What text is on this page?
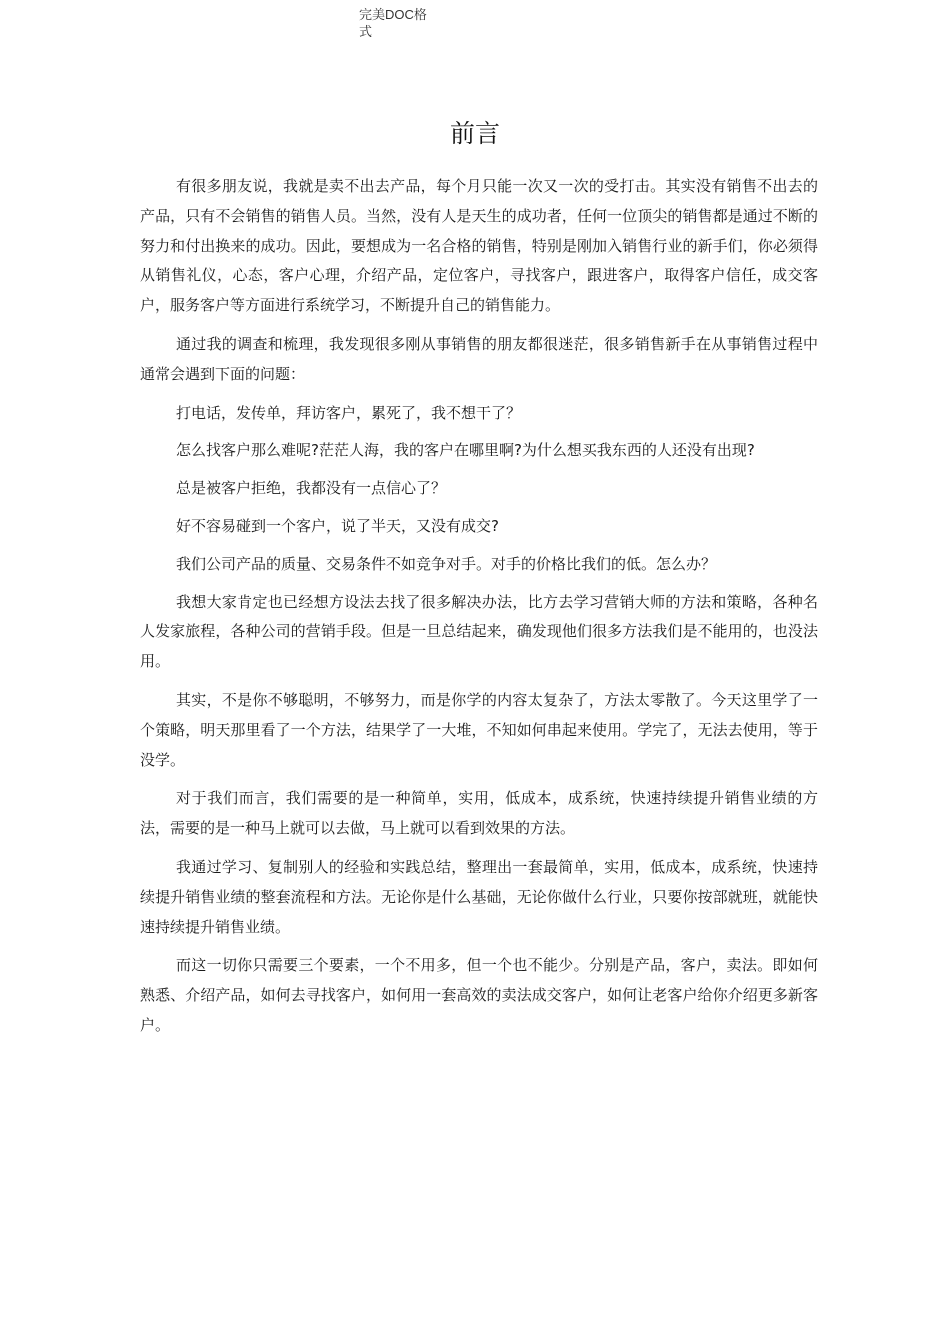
完美DOC格式
前言

有很多朋友说，我就是卖不出去产品，每个月只能一次又一次的受打击。其实没有销售不出去的产品，只有不会销售的销售人员。当然，没有人是天生的成功者，任何一位顶尖的销售都是通过不断的努力和付出换来的成功。因此，要想成为一名合格的销售，特别是刚加入销售行业的新手们，你必须得从销售礼仪，心态，客户心理，介绍产品，定位客户，寻找客户，跟进客户，取得客户信任，成交客户，服务客户等方面进行系统学习，不断提升自己的销售能力。

通过我的调查和梳理，我发现很多刚从事销售的朋友都很迷茫，很多销售新手在从事销售过程中通常会遇到下面的问题：

打电话，发传单，拜访客户，累死了，我不想干了？

怎么找客户那么难呢?茫茫人海，我的客户在哪里啊?为什么想买我东西的人还没有出现?

总是被客户拒绝，我都没有一点信心了？

好不容易碰到一个客户，说了半天，又没有成交?

我们公司产品的质量、交易条件不如竞争对手。对手的价格比我们的低。怎么办？

我想大家肯定也已经想方设法去找了很多解决办法，比方去学习营销大师的方法和策略，各种名人发家旅程，各种公司的营销手段。但是一旦总结起来，确发现他们很多方法我们是不能用的，也没法用。

其实，不是你不够聪明，不够努力，而是你学的内容太复杂了，方法太零散了。今天这里学了一个策略，明天那里看了一个方法，结果学了一大堆，不知如何串起来使用。学完了，无法去使用，等于没学。

对于我们而言，我们需要的是一种简单，实用，低成本，成系统，快速持续提升销售业绩的方法，需要的是一种马上就可以去做，马上就可以看到效果的方法。

我通过学习、复制别人的经验和实践总结，整理出一套最简单，实用，低成本，成系统，快速持续提升销售业绩的整套流程和方法。无论你是什么基础，无论你做什么行业，只要你按部就班，就能快速持续提升销售业绩。

而这一切你只需要三个要素，一个不用多，但一个也不能少。分别是产品，客户，卖法。即如何熟悉、介绍产品，如何去寻找客户，如何用一套高效的卖法成交客户，如何让老客户给你介绍更多新客户。
